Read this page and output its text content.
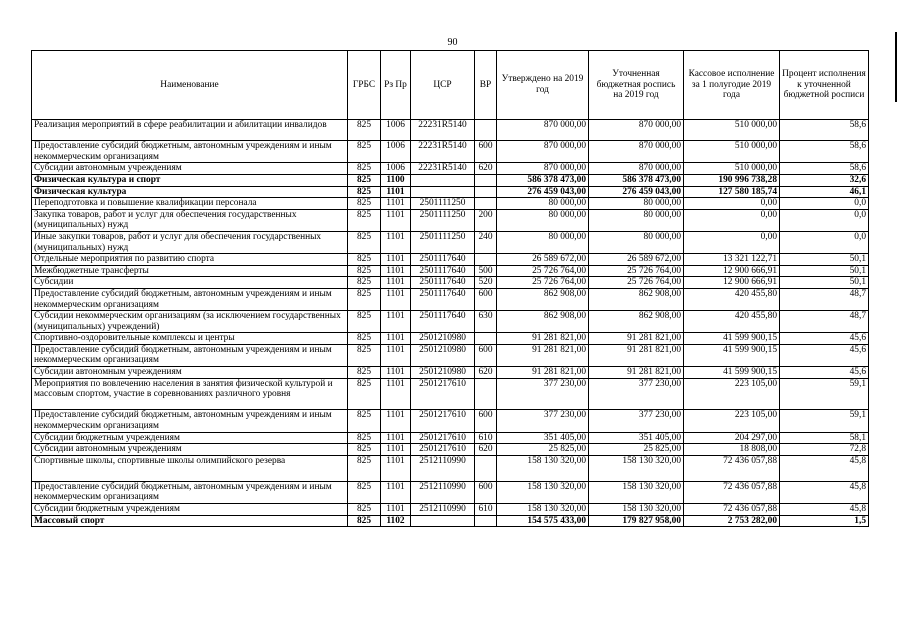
90
Наименование	ГРБС	Рз Пр	ЦСР	ВР	Утверждено на 2019 год	Уточненная бюджетная роспись на 2019 год	Кассовое исполнение за 1 полугодие 2019 года	Процент исполнения к уточненной бюджетной росписи
Реализация мероприятий в сфере реабилитации и абилитации инвалидов	825	1006	22231R5140		870 000,00	870 000,00	510 000,00	58,6
Предоставление субсидий бюджетным, автономным учреждениям и иным некоммерческим организациям	825	1006	22231R5140	600	870 000,00	870 000,00	510 000,00	58,6
Субсидии автономным учреждениям	825	1006	22231R5140	620	870 000,00	870 000,00	510 000,00	58,6
Физическая культура и спорт	825	1100			586 378 473,00	586 378 473,00	190 996 738,28	32,6
Физическая культура	825	1101			276 459 043,00	276 459 043,00	127 580 185,74	46,1
Переподготовка и повышение квалификации персонала	825	1101	2501111250		80 000,00	80 000,00	0,00	0,0
Закупка товаров, работ и услуг для обеспечения государственных (муниципальных) нужд	825	1101	2501111250	200	80 000,00	80 000,00	0,00	0,0
Иные закупки товаров, работ и услуг для обеспечения государственных (муниципальных) нужд	825	1101	2501111250	240	80 000,00	80 000,00	0,00	0,0
Отдельные мероприятия по развитию спорта	825	1101	2501117640		26 589 672,00	26 589 672,00	13 321 122,71	50,1
Межбюджетные трансферты	825	1101	2501117640	500	25 726 764,00	25 726 764,00	12 900 666,91	50,1
Субсидии	825	1101	2501117640	520	25 726 764,00	25 726 764,00	12 900 666,91	50,1
Предоставление субсидий бюджетным, автономным учреждениям и иным некоммерческим организациям	825	1101	2501117640	600	862 908,00	862 908,00	420 455,80	48,7
Субсидии некоммерческим организациям (за исключением государственных (муниципальных) учреждений)	825	1101	2501117640	630	862 908,00	862 908,00	420 455,80	48,7
Спортивно-оздоровительные комплексы и центры	825	1101	2501210980		91 281 821,00	91 281 821,00	41 599 900,15	45,6
Предоставление субсидий бюджетным, автономным учреждениям и иным некоммерческим организациям	825	1101	2501210980	600	91 281 821,00	91 281 821,00	41 599 900,15	45,6
Субсидии автономным учреждениям	825	1101	2501210980	620	91 281 821,00	91 281 821,00	41 599 900,15	45,6
Мероприятия по вовлечению населения в занятия физической культурой и массовым спортом, участие в соревнованиях различного уровня	825	1101	2501217610		377 230,00	377 230,00	223 105,00	59,1
Предоставление субсидий бюджетным, автономным учреждениям и иным некоммерческим организациям	825	1101	2501217610	600	377 230,00	377 230,00	223 105,00	59,1
Субсидии бюджетным учреждениям	825	1101	2501217610	610	351 405,00	351 405,00	204 297,00	58,1
Субсидии автономным учреждениям	825	1101	2501217610	620	25 825,00	25 825,00	18 808,00	72,8
Спортивные школы, спортивные школы олимпийского резерва	825	1101	2512110990		158 130 320,00	158 130 320,00	72 436 057,88	45,8
Предоставление субсидий бюджетным, автономным учреждениям и иным некоммерческим организациям	825	1101	2512110990	600	158 130 320,00	158 130 320,00	72 436 057,88	45,8
Субсидии бюджетным учреждениям	825	1101	2512110990	610	158 130 320,00	158 130 320,00	72 436 057,88	45,8
Массовый спорт	825	1102			154 575 433,00	179 827 958,00	2 753 282,00	1,5
